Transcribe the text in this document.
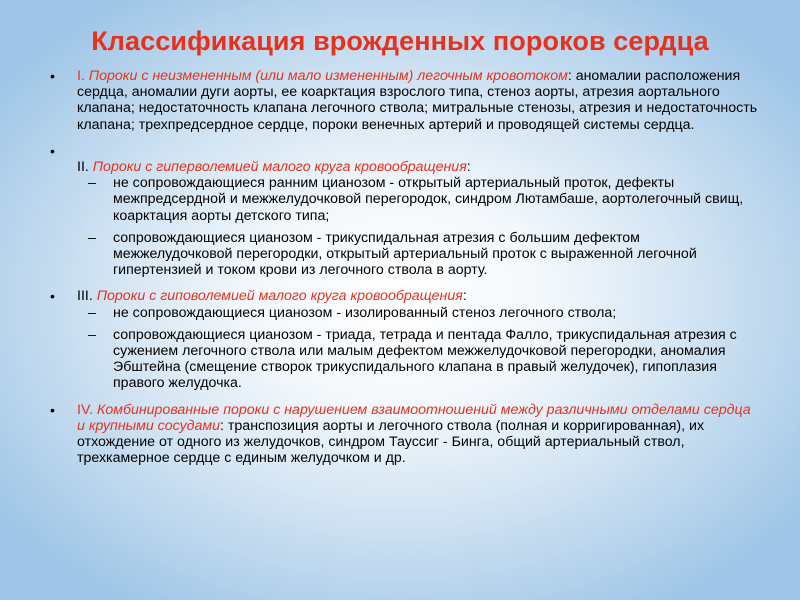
Классификация врожденных пороков сердца

• I. Пороки с неизмененным (или мало измененным) легочным кровотоком: аномалии расположения сердца, аномалии дуги аорты, ее коарктация взрослого типа, стеноз аорты, атрезия аортального клапана; недостаточность клапана легочного ствола; митральные стенозы, атрезия и недостаточность клапана; трехпредсердное сердце, пороки венечных артерий и проводящей системы сердца.

•

II. Пороки с гиперволемией малого круга кровообращения:

– не сопровождающиеся ранним цианозом - открытый артериальный проток, дефекты межпредсердной и межжелудочковой перегородок, синдром Лютамбаше, аортолегочный свищ, коарктация аорты детского типа;
– сопровождающиеся цианозом - трикуспидальная атрезия с большим дефектом межжелудочковой перегородки, открытый артериальный проток с выраженной легочной гипертензией и током крови из легочного ствола в аорту.

• III. Пороки с гиповолемией малого круга кровообращения:

– не сопровождающиеся цианозом - изолированный стеноз легочного ствола;
– сопровождающиеся цианозом - триада, тетрада и пентада Фалло, трикуспидальная атрезия с сужением легочного ствола или малым дефектом межжелудочковой перегородки, аномалия Эбштейна (смещение створок трикуспидального клапана в правый желудочек), гипоплазия правого желудочка.

• IV. Комбинированные пороки с нарушением взаимоотношений между различными отделами сердца и крупными сосудами: транспозиция аорты и легочного ствола (полная и корригированная), их отхождение от одного из желудочков, синдром Тауссиг - Бинга, общий артериальный ствол, трехкамерное сердце с единым желудочком и др.
